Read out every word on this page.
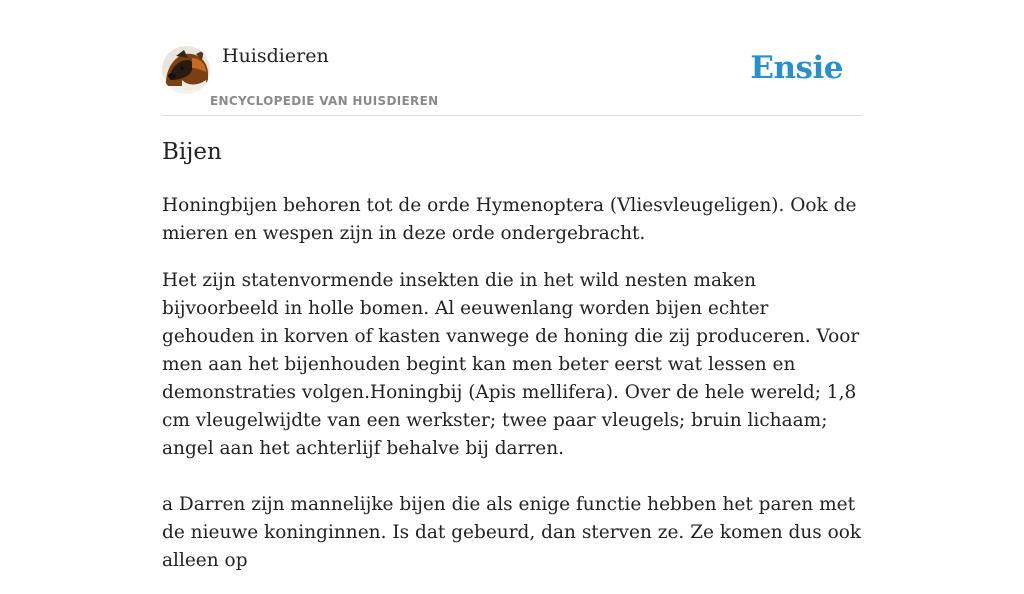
Huisdieren
ENCYCLOPEDIE VAN HUISDIEREN
Ensie
Bijen

Honingbijen behoren tot de orde Hymenoptera (Vliesvleugeligen). Ook de mieren en wespen zijn in deze orde ondergebracht.

Het zijn statenvormende insekten die in het wild nesten maken bijvoorbeeld in holle bomen. Al eeuwenlang worden bijen echter gehouden in korven of kasten vanwege de honing die zij produceren. Voor men aan het bijenhouden begint kan men beter eerst wat lessen en demonstraties volgen.Honingbij (Apis mellifera). Over de hele wereld; 1,8 cm vleugelwijdte van een werkster; twee paar vleugels; bruin lichaam; angel aan het achterlijf behalve bij darren.

a Darren zijn mannelijke bijen die als enige functie hebben het paren met de nieuwe koninginnen. Is dat gebeurd, dan sterven ze. Ze komen dus ook alleen op
